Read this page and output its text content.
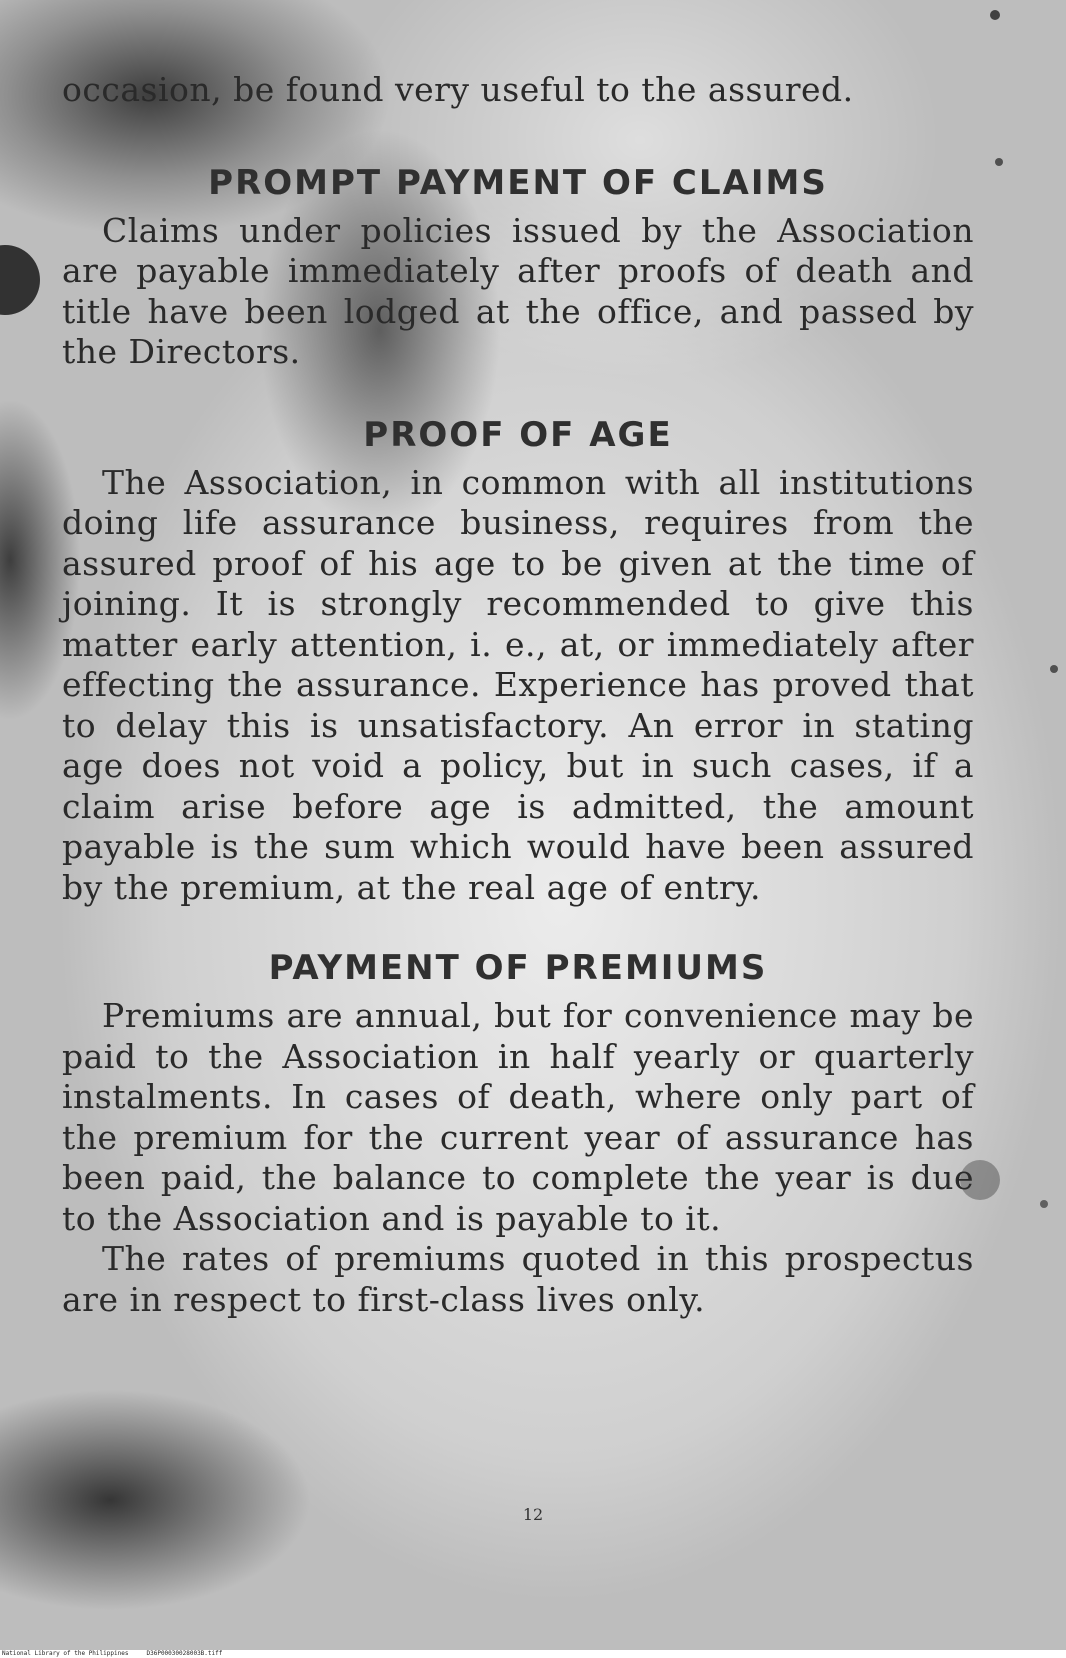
occasion, be found very useful to the assured.

PROMPT PAYMENT OF CLAIMS

Claims under policies issued by the Association are payable immediately after proofs of death and title have been lodged at the office, and passed by the Directors.

PROOF OF AGE

The Association, in common with all institutions doing life assurance business, requires from the assured proof of his age to be given at the time of joining. It is strongly recommended to give this matter early attention, i. e., at, or immediately after effecting the assurance. Experience has proved that to delay this is unsatisfactory. An error in stating age does not void a policy, but in such cases, if a claim arise before age is admitted, the amount payable is the sum which would have been assured by the premium, at the real age of entry.

PAYMENT OF PREMIUMS

Premiums are annual, but for convenience may be paid to the Association in half yearly or quarterly instalments. In cases of death, where only part of the premium for the current year of assurance has been paid, the balance to complete the year is due to the Association and is payable to it.

The rates of premiums quoted in this prospectus are in respect to first-class lives only.

12
National Library of the Philippines     D36P00030028003B.tiff
